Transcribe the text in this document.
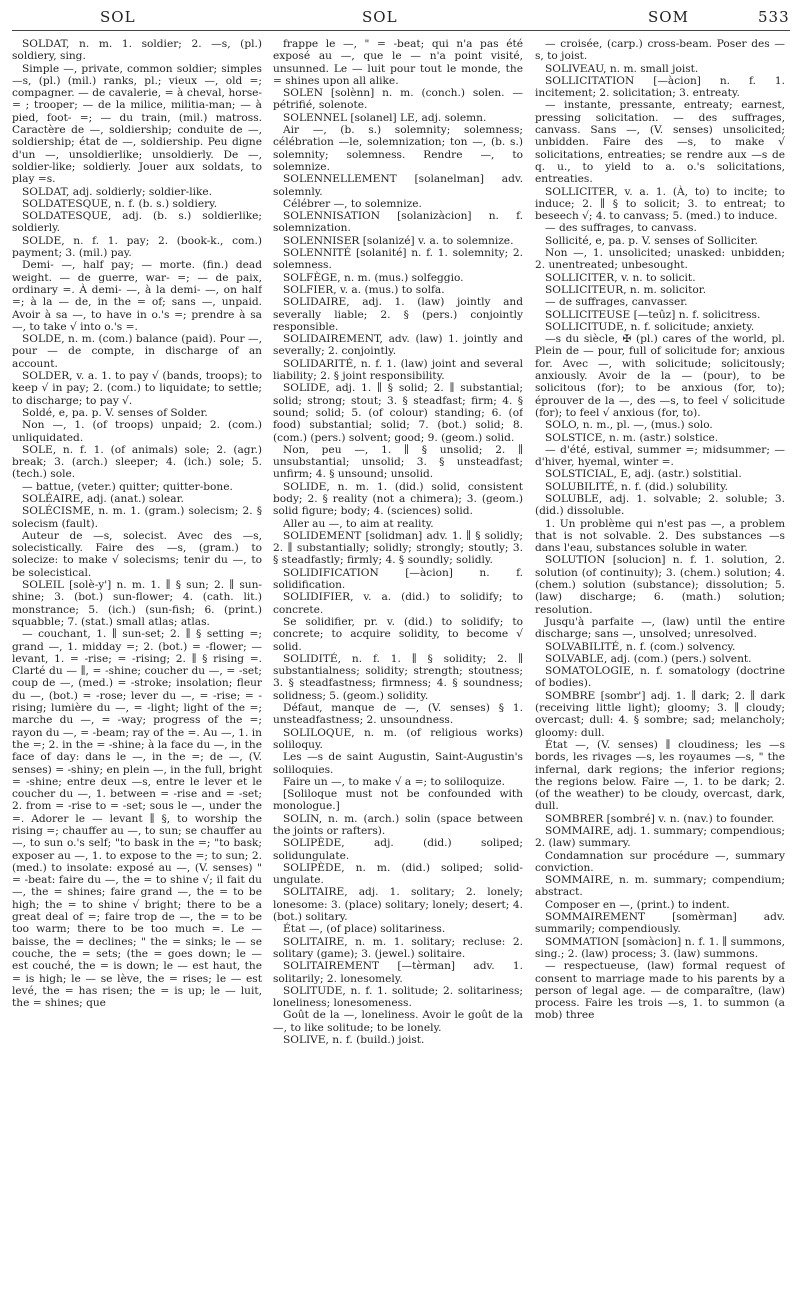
SOL	SOL	SOM	533

SOLDAT, n. m. 1. soldier; 2. —s, (pl.) soldiery, sing.

Simple —, private, common soldier; simples —s, (pl.) (mil.) ranks, pl.; vieux —, old =; compagner. — de cavalerie, = à cheval, horse- = ; trooper; — de la milice, militia-man; — à pied, foot- =; — du train, (mil.) matross. Caractère de —, soldiership; conduite de —, soldiership; état de —, soldiership. Peu digne d'un —, unsoldierlike; unsoldierly. De —, soldier-like; soldierly. Jouer aux soldats, to play =s.

SOLDAT, adj. soldierly; soldier-like.

SOLDATESQUE, n. f. (b. s.) soldiery.

SOLDATESQUE, adj. (b. s.) soldierlike; soldierly.

SOLDE, n. f. 1. pay; 2. (book-k., com.) payment; 3. (mil.) pay.

Demi- —, half pay; — morte. (fin.) dead weight. — de guerre, war- =; — de paix, ordinary =. À demi- —, à la demi- —, on half =; à la — de, in the = of; sans —, unpaid. Avoir à sa —, to have in o.'s =; prendre à sa —, to take √ into o.'s =.

SOLDE, n. m. (com.) balance (paid). Pour —, pour — de compte, in discharge of an account.

SOLDER, v. a. 1. to pay √ (bands, troops); to keep √ in pay; 2. (com.) to liquidate; to settle; to discharge; to pay √.

Soldé, e, pa. p. V. senses of Solder.

Non —, 1. (of troops) unpaid; 2. (com.) unliquidated.

SOLE, n. f. 1. (of animals) sole; 2. (agr.) break; 3. (arch.) sleeper; 4. (ich.) sole; 5. (tech.) sole.

— battue, (veter.) quitter; quitter-bone.

SOLÉAIRE, adj. (anat.) solear.

SOLÉCISME, n. m. 1. (gram.) solecism; 2. § solecism (fault).

Auteur de —s, solecist. Avec des —s, solecistically. Faire des —s, (gram.) to solecize: to make √ solecisms; tenir du —, to be solecistical.

SOLEIL [solè-y'] n. m. 1. ∥ § sun; 2. ∥ sun-shine; 3. (bot.) sun-flower; 4. (cath. lit.) monstrance; 5. (ich.) (sun-fish; 6. (print.) squabble; 7. (stat.) small atlas; atlas.

— couchant, 1. ∥ sun-set; 2. ∥ § setting =; grand —, 1. midday =; 2. (bot.) = -flower; — levant, 1. = -rise; = -rising; 2. ∥ § rising =. Clarté du — ∥, = -shine; coucher du —, = -set; coup de —, (med.) = -stroke; insolation; fleur du —, (bot.) = -rose; lever du —, = -rise; = -rising; lumière du —, = -light; light of the =; marche du —, = -way; progress of the =; rayon du —, = -beam; ray of the =. Au —, 1. in the =; 2. in the = -shine; à la face du —, in the face of day: dans le —, in the =; de —, (V. senses) = -shiny; en plein —, in the full, bright = -shine; entre deux —s, entre le lever et le coucher du —, 1. between = -rise and = -set; 2. from = -rise to = -set; sous le —, under the =. Adorer le — levant ∥ §, to worship the rising =; chauffer au —, to sun; se chauffer au —, to sun o.'s self; "to bask in the =; "to bask; exposer au —, 1. to expose to the =; to sun; 2. (med.) to insolate: exposé au —, (V. senses) " = -beat: faire du —, the = to shine √; il fait du —, the = shines; faire grand —, the = to be high; the = to shine √ bright; there to be a great deal of =; faire trop de —, the = to be too warm; there to be too much =. Le — baisse, the = declines; " the = sinks; le — se couche, the = sets; (the = goes down; le — est couché, the = is down; le — est haut, the = is high; le — se lève, the = rises; le — est levé, the = has risen; the = is up; le — luit, the = shines; que

frappe le —, " = -beat; qui n'a pas été exposé au —, que le — n'a point visité, unsunned. Le — luit pour tout le monde, the = shines upon all alike.

SOLEN [solènn] n. m. (conch.) solen. — pétrifié, solenote.

SOLENNEL [solanel] LE, adj. solemn.

Air —, (b. s.) solemnity; solemness; célébration —le, solemnization; ton —, (b. s.) solemnity; solemness. Rendre —, to solemnize.

SOLENNELLEMENT [solanelman] adv. solemnly.

Célébrer —, to solemnize.

SOLENNISATION [solanizàcion] n. f. solemnization.

SOLENNISER [solanizé] v. a. to solemnize.

SOLENNITÉ [solanité] n. f. 1. solemnity; 2. solemness.

SOLFÈGE, n. m. (mus.) solfeggio.

SOLFIER, v. a. (mus.) to solfa.

SOLIDAIRE, adj. 1. (law) jointly and severally liable; 2. § (pers.) conjointly responsible.

SOLIDAIREMENT, adv. (law) 1. jointly and severally; 2. conjointly.

SOLIDARITÉ, n. f. 1. (law) joint and several liability; 2. § joint responsibility.

SOLIDE, adj. 1. ∥ § solid; 2. ∥ substantial; solid; strong; stout; 3. § steadfast; firm; 4. § sound; solid; 5. (of colour) standing; 6. (of food) substantial; solid; 7. (bot.) solid; 8. (com.) (pers.) solvent; good; 9. (geom.) solid.

Non, peu —, 1. ∥ § unsolid; 2. ∥ unsubstantial; unsolid; 3. § unsteadfast; unfirm; 4. § unsound; unsolid.

SOLIDE, n. m. 1. (did.) solid, consistent body; 2. § reality (not a chimera); 3. (geom.) solid figure; body; 4. (sciences) solid.

Aller au —, to aim at reality.

SOLIDEMENT [solidman] adv. 1. ∥ § solidly; 2. ∥ substantially; solidly; strongly; stoutly; 3. § steadfastly; firmly; 4. § soundly; solidly.

SOLIDIFICATION [—àcion] n. f. solidification.

SOLIDIFIER, v. a. (did.) to solidify; to concrete.

Se solidifier, pr. v. (did.) to solidify; to concrete; to acquire solidity, to become √ solid.

SOLIDITÉ, n. f. 1. ∥ § solidity; 2. ∥ substantialness; solidity; strength; stoutness; 3. § steadfastness; firmness; 4. § soundness; solidness; 5. (geom.) solidity.

Défaut, manque de —, (V. senses) § 1. unsteadfastness; 2. unsoundness.

SOLILOQUE, n. m. (of religious works) soliloquy.

Les —s de saint Augustin, Saint-Augustin's soliloquies.

Faire un —, to make √ a =; to soliloquize.

[Soliloque must not be confounded with monologue.]

SOLIN, n. m. (arch.) solin (space between the joints or rafters).

SOLIPÈDE, adj. (did.) soliped; solidungulate.

SOLIPÈDE, n. m. (did.) soliped; solid-ungulate.

SOLITAIRE, adj. 1. solitary; 2. lonely; lonesome: 3. (place) solitary; lonely; desert; 4. (bot.) solitary.

État —, (of place) solitariness.

SOLITAIRE, n. m. 1. solitary; recluse: 2. solitary (game); 3. (jewel.) solitaire.

SOLITAIREMENT [—tèrman] adv. 1. solitarily; 2. lonesomely.

SOLITUDE, n. f. 1. solitude; 2. solitariness; loneliness; lonesomeness.

Goût de la —, loneliness. Avoir le goût de la —, to like solitude; to be lonely.

SOLIVE, n. f. (build.) joist.

— croisée, (carp.) cross-beam. Poser des —s, to joist.

SOLIVEAU, n. m. small joist.

SOLLICITATION [—àcion] n. f. 1. incitement; 2. solicitation; 3. entreaty.

— instante, pressante, entreaty; earnest, pressing solicitation. — des suffrages, canvass. Sans —, (V. senses) unsolicited; unbidden. Faire des —s, to make √ solicitations, entreaties; se rendre aux —s de q. u., to yield to a. o.'s solicitations, entreaties.

SOLLICITER, v. a. 1. (À, to) to incite; to induce; 2. ∥ § to solicit; 3. to entreat; to beseech √; 4. to canvass; 5. (med.) to induce.

— des suffrages, to canvass.

Sollicité, e, pa. p. V. senses of Solliciter.

Non —, 1. unsolicited; unasked: unbidden; 2. unentreated; unbesought.

SOLLICITER, v. n. to solicit.

SOLLICITEUR, n. m. solicitor.

— de suffrages, canvasser.

SOLLICITEUSE [—teûz] n. f. solicitress.

SOLLICITUDE, n. f. solicitude; anxiety.

—s du siècle, ✠ (pl.) cares of the world, pl. Plein de — pour, full of solicitude for; anxious for. Avec —, with solicitude; solicitously; anxiously. Avoir de la — (pour), to be solicitous (for); to be anxious (for, to); éprouver de la —, des —s, to feel √ solicitude (for); to feel √ anxious (for, to).

SOLO, n. m., pl. —, (mus.) solo.

SOLSTICE, n. m. (astr.) solstice.

— d'été, estival, summer =; midsummer; — d'hiver, hyemal, winter =.

SOLSTICIAL, E, adj. (astr.) solstitial.

SOLUBILITÉ, n. f. (did.) solubility.

SOLUBLE, adj. 1. solvable; 2. soluble; 3. (did.) dissoluble.

1. Un problème qui n'est pas —, a problem that is not solvable. 2. Des substances —s dans l'eau, substances soluble in water.

SOLUTION [solucion] n. f. 1. solution, 2. solution (of continuity); 3. (chem.) solution; 4. (chem.) solution (substance); dissolution; 5. (law) discharge; 6. (math.) solution; resolution.

Jusqu'à parfaite —, (law) until the entire discharge; sans —, unsolved; unresolved.

SOLVABILITÉ, n. f. (com.) solvency.

SOLVABLE, adj. (com.) (pers.) solvent.

SOMATOLOGIE, n. f. somatology (doctrine of bodies).

SOMBRE [sombr'] adj. 1. ∥ dark; 2. ∥ dark (receiving little light); gloomy; 3. ∥ cloudy; overcast; dull: 4. § sombre; sad; melancholy; gloomy: dull.

État —, (V. senses) ∥ cloudiness; les —s bords, les rivages —s, les royaumes —s, " the infernal, dark regions; the inferior regions; the regions below. Faire —, 1. to be dark; 2. (of the weather) to be cloudy, overcast, dark, dull.

SOMBRER [sombré] v. n. (nav.) to founder.

SOMMAIRE, adj. 1. summary; compendious; 2. (law) summary.

Condamnation sur procédure —, summary conviction.

SOMMAIRE, n. m. summary; compendium; abstract.

Composer en —, (print.) to indent.

SOMMAIREMENT [somèrman] adv. summarily; compendiously.

SOMMATION [somàcion] n. f. 1. ∥ summons, sing.; 2. (law) process; 3. (law) summons.

— respectueuse, (law) formal request of consent to marriage made to his parents by a person of legal age. — de comparaître, (law) process. Faire les trois —s, 1. to summon (a mob) three
